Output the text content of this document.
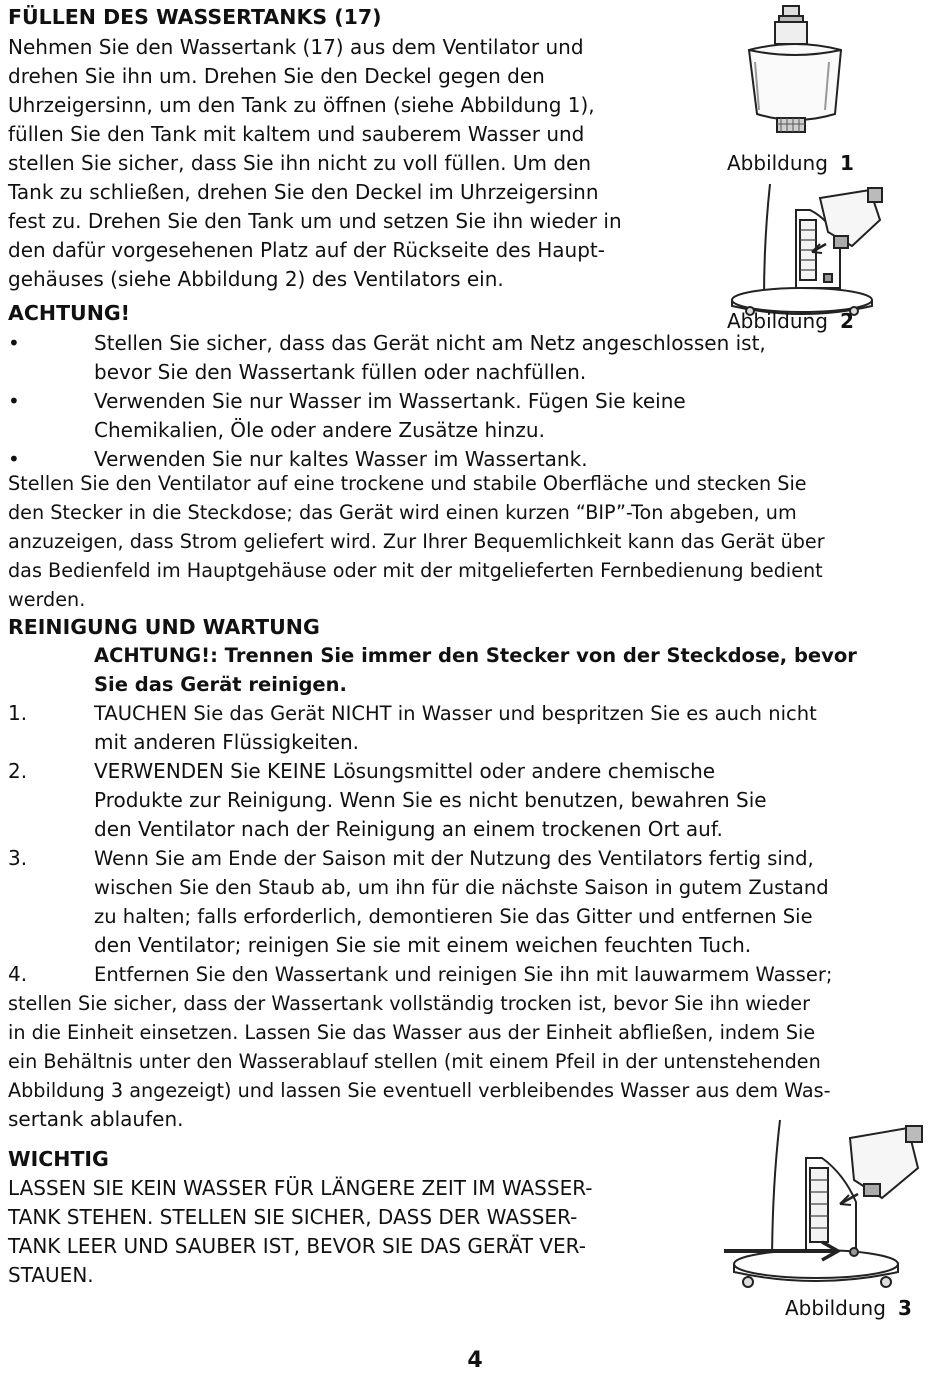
FÜLLEN DES WASSERTANKS (17)
Nehmen Sie den Wassertank (17) aus dem Ventilator und
drehen Sie ihn um. Drehen Sie den Deckel gegen den
Uhrzeigersinn, um den Tank zu öffnen (siehe Abbildung 1),
füllen Sie den Tank mit kaltem und sauberem Wasser und
stellen Sie sicher, dass Sie ihn nicht zu voll füllen. Um den
Tank zu schließen, drehen Sie den Deckel im Uhrzeigersinn
fest zu. Drehen Sie den Tank um und setzen Sie ihn wieder in
den dafür vorgesehenen Platz auf der Rückseite des Haupt-
gehäuses (siehe Abbildung 2) des Ventilators ein.
Abbildung 1
Abbildung 2
ACHTUNG!
•	Stellen Sie sicher, dass das Gerät nicht am Netz angeschlossen ist,
bevor Sie den Wassertank füllen oder nachfüllen.
•	Verwenden Sie nur Wasser im Wassertank. Fügen Sie keine
Chemikalien, Öle oder andere Zusätze hinzu.
•	Verwenden Sie nur kaltes Wasser im Wassertank.
Stellen Sie den Ventilator auf eine trockene und stabile Oberfläche und stecken Sie
den Stecker in die Steckdose; das Gerät wird einen kurzen “BIP”-Ton abgeben, um
anzuzeigen, dass Strom geliefert wird. Zur Ihrer Bequemlichkeit kann das Gerät über
das Bedienfeld im Hauptgehäuse oder mit der mitgelieferten Fernbedienung bedient
werden.
REINIGUNG UND WARTUNG
ACHTUNG!: Trennen Sie immer den Stecker von der Steckdose, bevor
Sie das Gerät reinigen.
1.	TAUCHEN Sie das Gerät NICHT in Wasser und bespritzen Sie es auch nicht
mit anderen Flüssigkeiten.
2.	VERWENDEN Sie KEINE Lösungsmittel oder andere chemische
Produkte zur Reinigung. Wenn Sie es nicht benutzen, bewahren Sie
den Ventilator nach der Reinigung an einem trockenen Ort auf.
3.	Wenn Sie am Ende der Saison mit der Nutzung des Ventilators fertig sind,
wischen Sie den Staub ab, um ihn für die nächste Saison in gutem Zustand
zu halten; falls erforderlich, demontieren Sie das Gitter und entfernen Sie
den Ventilator; reinigen Sie sie mit einem weichen feuchten Tuch.
4.	Entfernen Sie den Wassertank und reinigen Sie ihn mit lauwarmem Wasser;
stellen Sie sicher, dass der Wassertank vollständig trocken ist, bevor Sie ihn wieder
in die Einheit einsetzen. Lassen Sie das Wasser aus der Einheit abfließen, indem Sie
ein Behältnis unter den Wasserablauf stellen (mit einem Pfeil in der untenstehenden
Abbildung 3 angezeigt) und lassen Sie eventuell verbleibendes Wasser aus dem Was-
sertank ablaufen.
WICHTIG
LASSEN SIE KEIN WASSER FÜR LÄNGERE ZEIT IM WASSER-
TANK STEHEN. STELLEN SIE SICHER, DASS DER WASSER-
TANK LEER UND SAUBER IST, BEVOR SIE DAS GERÄT VER-
STAUEN.
Abbildung 3
4
